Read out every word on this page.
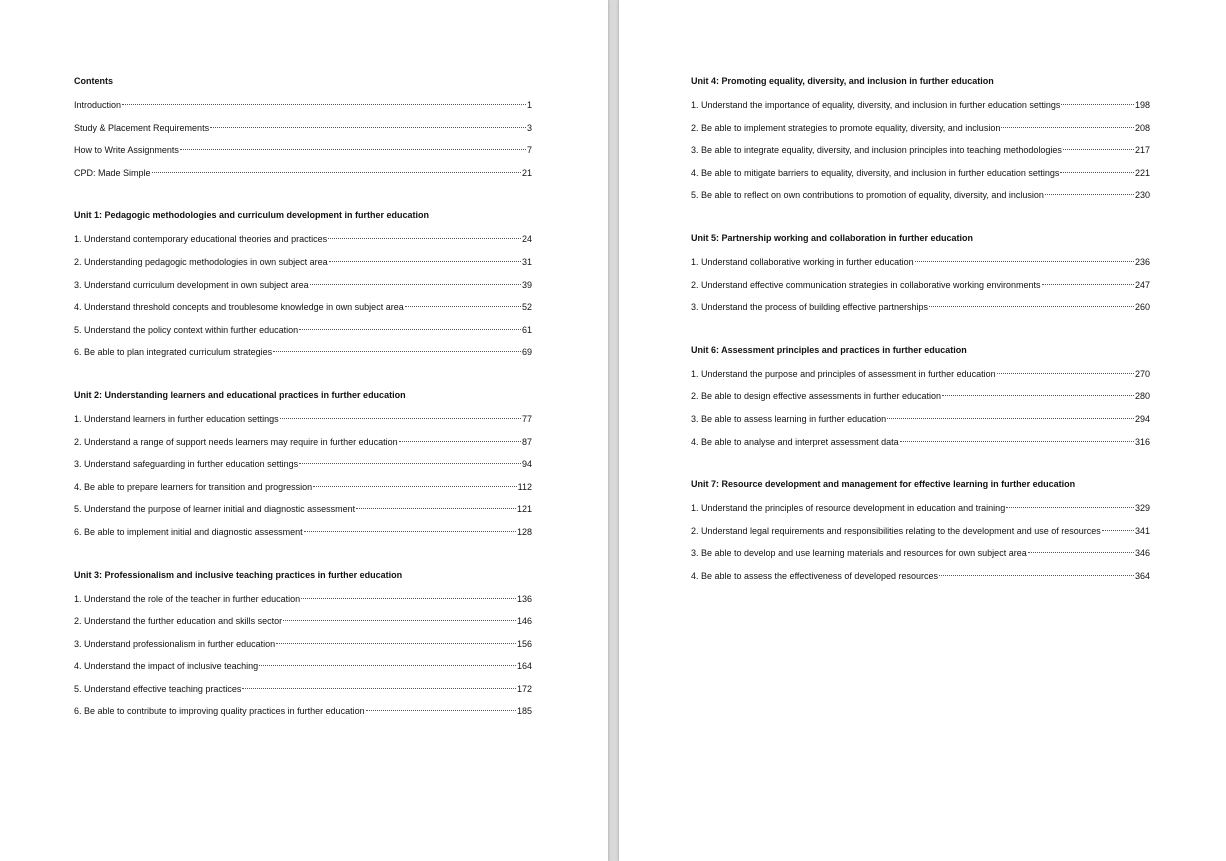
Contents
Introduction	1
Study & Placement Requirements	3
How to Write Assignments	7
CPD: Made Simple	21
Unit 1: Pedagogic methodologies and curriculum development in further education
1. Understand contemporary educational theories and practices	24
2. Understanding pedagogic methodologies in own subject area	31
3. Understand curriculum development in own subject area	39
4. Understand threshold concepts and troublesome knowledge in own subject area	52
5. Understand the policy context within further education	61
6. Be able to plan integrated curriculum strategies	69
Unit 2: Understanding learners and educational practices in further education
1. Understand learners in further education settings	77
2. Understand a range of support needs learners may require in further education	87
3. Understand safeguarding in further education settings	94
4. Be able to prepare learners for transition and progression	112
5. Understand the purpose of learner initial and diagnostic assessment	121
6. Be able to implement initial and diagnostic assessment	128
Unit 3: Professionalism and inclusive teaching practices in further education
1. Understand the role of the teacher in further education	136
2. Understand the further education and skills sector	146
3. Understand professionalism in further education	156
4. Understand the impact of inclusive teaching	164
5. Understand effective teaching practices	172
6. Be able to contribute to improving quality practices in further education	185
Unit 4: Promoting equality, diversity, and inclusion in further education
1. Understand the importance of equality, diversity, and inclusion in further education settings	198
2. Be able to implement strategies to promote equality, diversity, and inclusion	208
3. Be able to integrate equality, diversity, and inclusion principles into teaching methodologies	217
4. Be able to mitigate barriers to equality, diversity, and inclusion in further education settings	221
5. Be able to reflect on own contributions to promotion of equality, diversity, and inclusion	230
Unit 5: Partnership working and collaboration in further education
1. Understand collaborative working in further education	236
2. Understand effective communication strategies in collaborative working environments	247
3. Understand the process of building effective partnerships	260
Unit 6: Assessment principles and practices in further education
1. Understand the purpose and principles of assessment in further education	270
2. Be able to design effective assessments in further education	280
3. Be able to assess learning in further education	294
4. Be able to analyse and interpret assessment data	316
Unit 7: Resource development and management for effective learning in further education
1. Understand the principles of resource development in education and training	329
2. Understand legal requirements and responsibilities relating to the development and use of resources	341
3. Be able to develop and use learning materials and resources for own subject area	346
4. Be able to assess the effectiveness of developed resources	364
